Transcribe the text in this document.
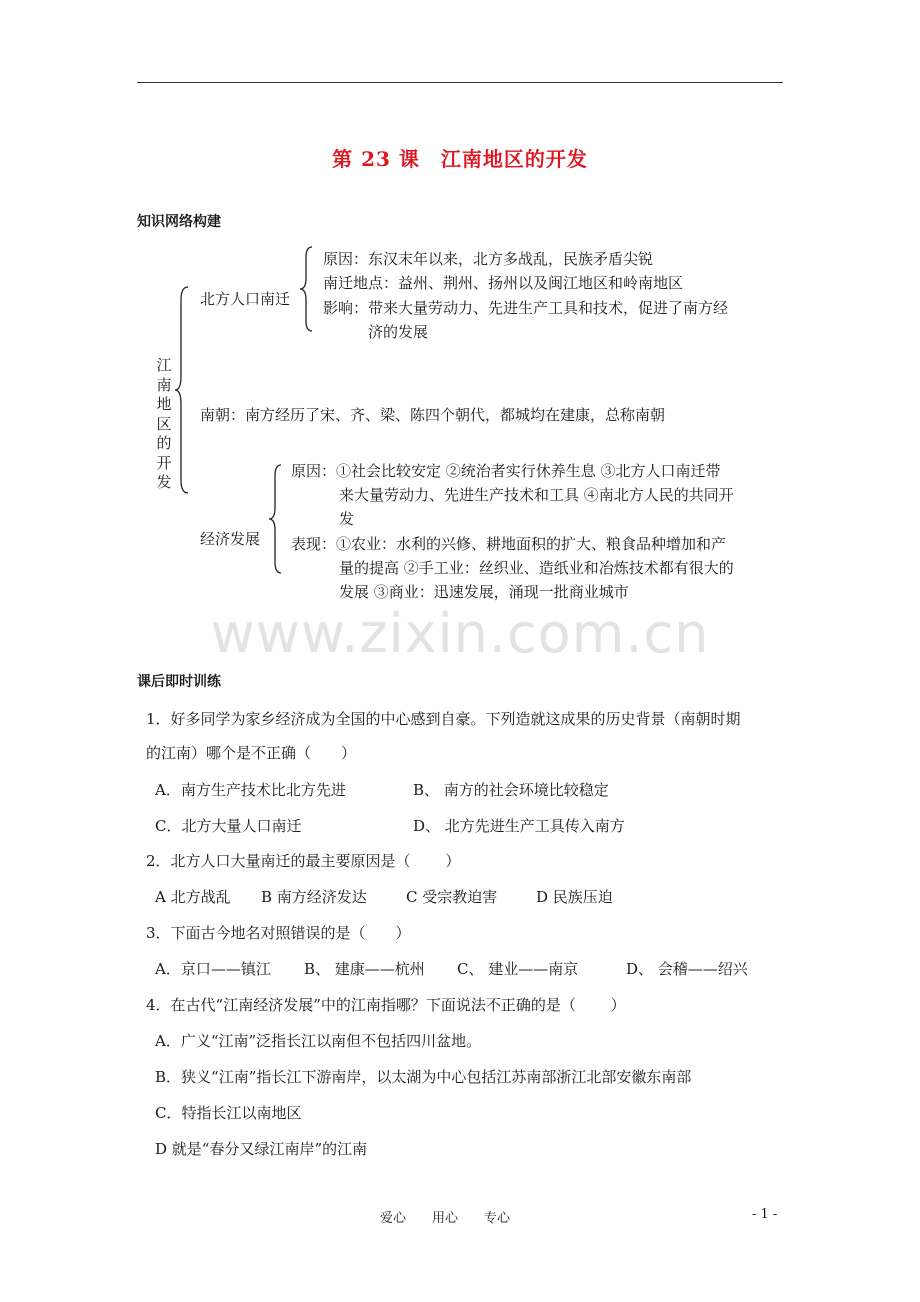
第 23 课　江南地区的开发
知识网络构建
江南地区的开发
北方人口南迁
原因：东汉末年以来，北方多战乱，民族矛盾尖锐
南迁地点：益州、荆州、扬州以及闽江地区和岭南地区
影响：带来大量劳动力、先进生产工具和技术，促进了南方经
济的发展
南朝：南方经历了宋、齐、梁、陈四个朝代，都城均在建康，总称南朝
经济发展
原因：①社会比较安定 ②统治者实行休养生息 ③北方人口南迁带
来大量劳动力、先进生产技术和工具 ④南北方人民的共同开
发
表现：①农业：水利的兴修、耕地面积的扩大、粮食品种增加和产
量的提高 ②手工业：丝织业、造纸业和冶炼技术都有很大的
发展 ③商业：迅速发展，涌现一批商业城市
www.zixin.com.cn
课后即时训练
1．好多同学为家乡经济成为全国的中心感到自豪。下列造就这成果的历史背景（南朝时期
的江南）哪个是不正确（　　）
A．南方生产技术比北方先进	B、 南方的社会环境比较稳定
C．北方大量人口南迁	D、 北方先进生产工具传入南方
2．北方人口大量南迁的最主要原因是（　　 ）
A 北方战乱 B 南方经济发达	C 受宗教迫害	D 民族压迫
3．下面古今地名对照错误的是（　　）
A．京口——镇江 B、 建康——杭州 C、 建业——南京	D、 会稽——绍兴
4．在古代“江南经济发展”中的江南指哪？下面说法不正确的是（　　 ）
A．广义“江南”泛指长江以南但不包括四川盆地。
B．狭义“江南”指长江下游南岸，以太湖为中心包括江苏南部浙江北部安徽东南部
C．特指长江以南地区
D 就是“春分又绿江南岸”的江南
爱心　　用心　　专心	- 1 -
